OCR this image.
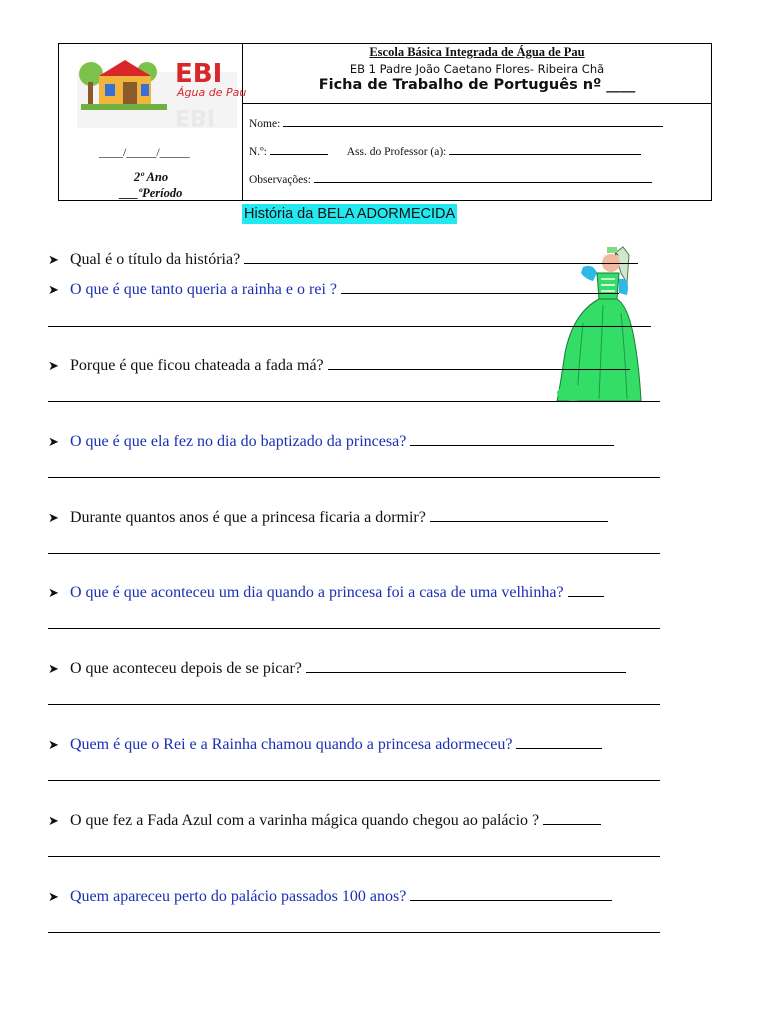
EBI
Água de Pau
EBI
____/_____/_____
2º Ano
___ºPeríodo
Escola Básica Integrada de Água de Pau
EB 1 Padre João Caetano Flores- Ribeira Chã
Ficha de Trabalho de Português nº ____
Nome:
N.º:	Ass. do Professor (a):
Observações:
História da BELA ADORMECIDA
➤ Qual é o título da história?
➤ O que é que tanto queria a rainha e o rei ?
➤ Porque é que ficou chateada a fada má?
➤ O que é que ela fez no dia do baptizado da princesa?
➤ Durante quantos anos é que a princesa ficaria a dormir?
➤ O que é que aconteceu um dia quando a princesa foi a casa de uma velhinha?
➤ O que aconteceu depois de se picar?
➤ Quem é que o Rei e a Rainha chamou quando a princesa adormeceu?
➤ O que fez a Fada Azul com a varinha mágica quando chegou ao palácio ?
➤ Quem apareceu perto do palácio passados 100 anos?
